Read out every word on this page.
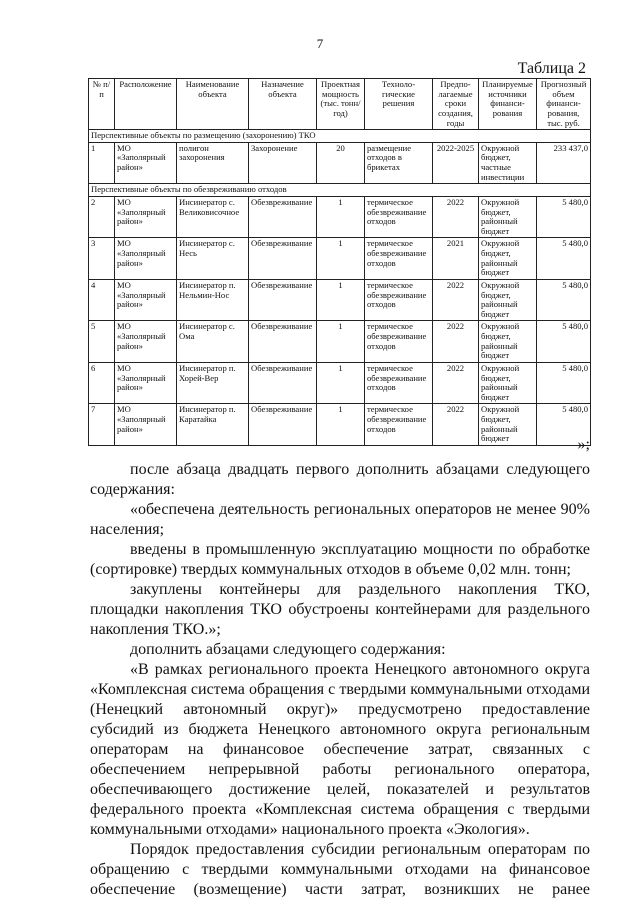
7
Таблица 2
№ п/п	Расположение	Наименование объекта	Назначение объекта	Проектная мощность (тыс. тонн/год)	Техноло- гические решения	Предпо- лагаемые сроки создания, годы	Планируемые источники финанси- рования	Прогнозный объем финанси- рования, тыс. руб.
Перспективные объекты по размещению (захоронению) ТКО								
1	МО «Заполярный район»	полигон захоронения	Захоронение	20	размещение отходов в брикетах	2022-2025	Окружной бюджет, частные инвестиции	233 437,0
Перспективные объекты по обезвреживанию отходов								
2	МО «Заполярный район»	Инсинератор с. Великовисочное	Обезвреживание	1	термическое обезвреживание отходов	2022	Окружной бюджет, районный бюджет	5 480,0
3	МО «Заполярный район»	Инсинератор с. Несь	Обезвреживание	1	термическое обезвреживание отходов	2021	Окружной бюджет, районный бюджет	5 480,0
4	МО «Заполярный район»	Инсинератор п. Нельмин-Нос	Обезвреживание	1	термическое обезвреживание отходов	2022	Окружной бюджет, районный бюджет	5 480,0
5	МО «Заполярный район»	Инсинератор с. Ома	Обезвреживание	1	термическое обезвреживание отходов	2022	Окружной бюджет, районный бюджет	5 480,0
6	МО «Заполярный район»	Инсинератор п. Хорей-Вер	Обезвреживание	1	термическое обезвреживание отходов	2022	Окружной бюджет, районный бюджет	5 480,0
7	МО «Заполярный район»	Инсинератор п. Каратайка	Обезвреживание	1	термическое обезвреживание отходов	2022	Окружной бюджет, районный бюджет	5 480,0
»;

после абзаца двадцать первого дополнить абзацами следующего содержания:

«обеспечена деятельность региональных операторов не менее 90% населения;

введены в промышленную эксплуатацию мощности по обработке (сортировке) твердых коммунальных отходов в объеме 0,02 млн. тонн;

закуплены контейнеры для раздельного накопления ТКО, площадки накопления ТКО обустроены контейнерами для раздельного накопления ТКО.»;

дополнить абзацами следующего содержания:

«В рамках регионального проекта Ненецкого автономного округа «Комплексная система обращения с твердыми коммунальными отходами (Ненецкий автономный округ)» предусмотрено предоставление субсидий из бюджета Ненецкого автономного округа региональным операторам на финансовое обеспечение затрат, связанных с обеспечением непрерывной работы регионального оператора, обеспечивающего достижение целей, показателей и результатов федерального проекта «Комплексная система обращения с твердыми коммунальными отходами» национального проекта «Экология».

Порядок предоставления субсидии региональным операторам по обращению с твердыми коммунальными отходами на финансовое обеспечение (возмещение) части затрат, возникших не ранее
